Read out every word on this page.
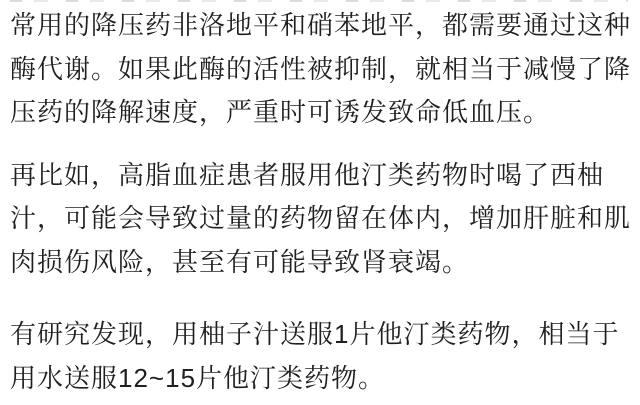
常用的降压药非洛地平和硝苯地平，都需要通过这种
酶代谢。如果此酶的活性被抑制，就相当于减慢了降
压药的降解速度，严重时可诱发致命低血压。

再比如，高脂血症患者服用他汀类药物时喝了西柚
汁，可能会导致过量的药物留在体内，增加肝脏和肌
肉损伤风险，甚至有可能导致肾衰竭。

有研究发现，用柚子汁送服1片他汀类药物，相当于
用水送服12~15片他汀类药物。
